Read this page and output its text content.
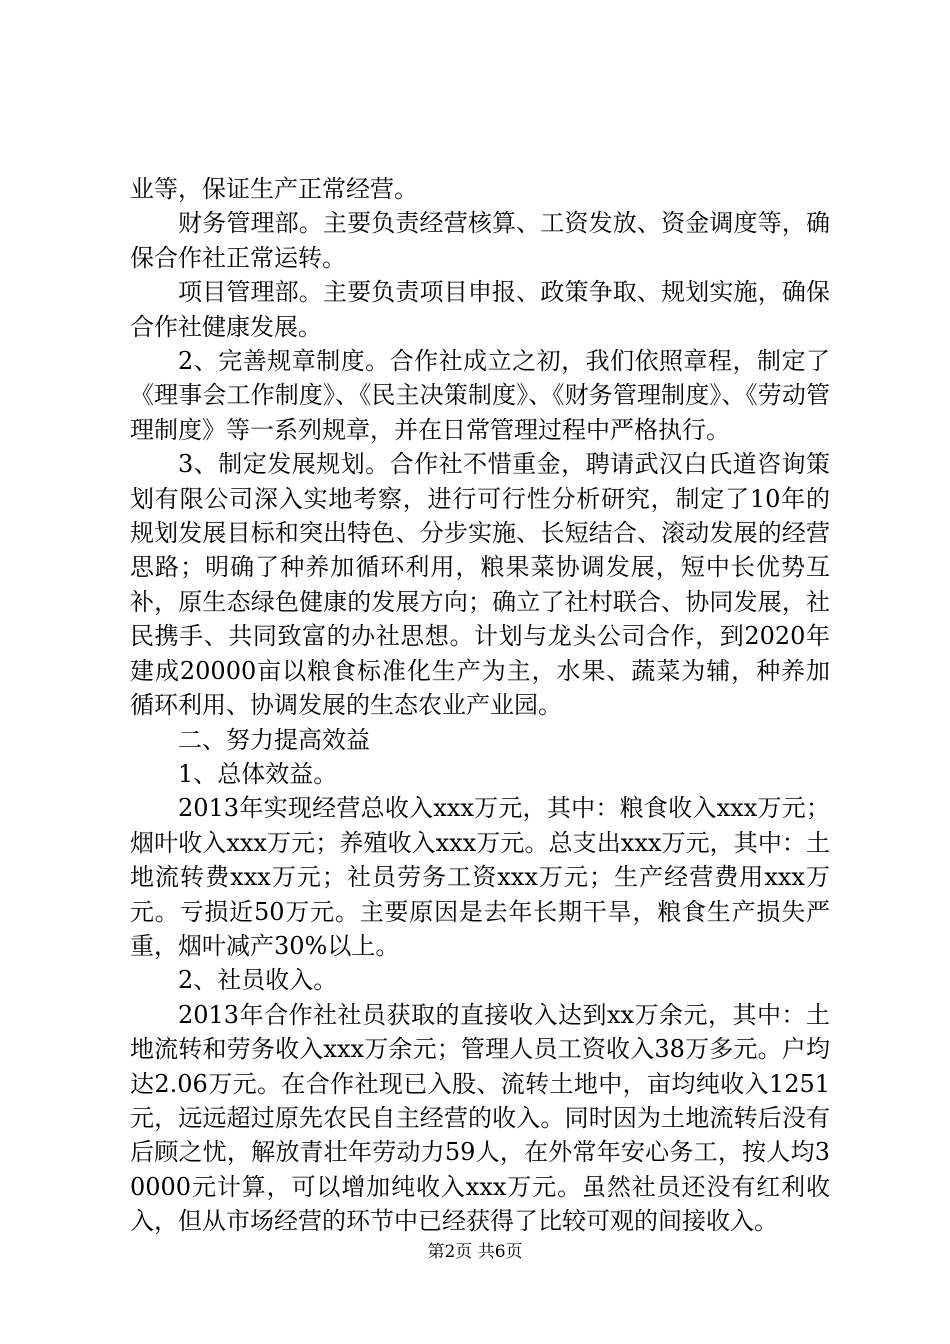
业等，保证生产正常经营。

财务管理部。主要负责经营核算、工资发放、资金调度等，确保合作社正常运转。

项目管理部。主要负责项目申报、政策争取、规划实施，确保合作社健康发展。

2、完善规章制度。合作社成立之初，我们依照章程，制定了《理事会工作制度》、《民主决策制度》、《财务管理制度》、《劳动管理制度》等一系列规章，并在日常管理过程中严格执行。

3、制定发展规划。合作社不惜重金，聘请武汉白氏道咨询策划有限公司深入实地考察，进行可行性分析研究，制定了10年的规划发展目标和突出特色、分步实施、长短结合、滚动发展的经营思路；明确了种养加循环利用，粮果菜协调发展，短中长优势互补，原生态绿色健康的发展方向；确立了社村联合、协同发展，社民携手、共同致富的办社思想。计划与龙头公司合作，到2020年建成20000亩以粮食标准化生产为主，水果、蔬菜为辅，种养加循环利用、协调发展的生态农业产业园。

二、努力提高效益

1、总体效益。

2013年实现经营总收入xxx万元，其中：粮食收入xxx万元；烟叶收入xxx万元；养殖收入xxx万元。总支出xxx万元，其中：土地流转费xxx万元；社员劳务工资xxx万元；生产经营费用xxx万元。亏损近50万元。主要原因是去年长期干旱，粮食生产损失严重，烟叶减产30%以上。

2、社员收入。

2013年合作社社员获取的直接收入达到xx万余元，其中：土地流转和劳务收入xxx万余元；管理人员工资收入38万多元。户均达2.06万元。在合作社现已入股、流转土地中，亩均纯收入1251元，远远超过原先农民自主经营的收入。同时因为土地流转后没有后顾之忧，解放青壮年劳动力59人，在外常年安心务工，按人均30000元计算，可以增加纯收入xxx万元。虽然社员还没有红利收入，但从市场经营的环节中已经获得了比较可观的间接收入。

第2页 共6页
